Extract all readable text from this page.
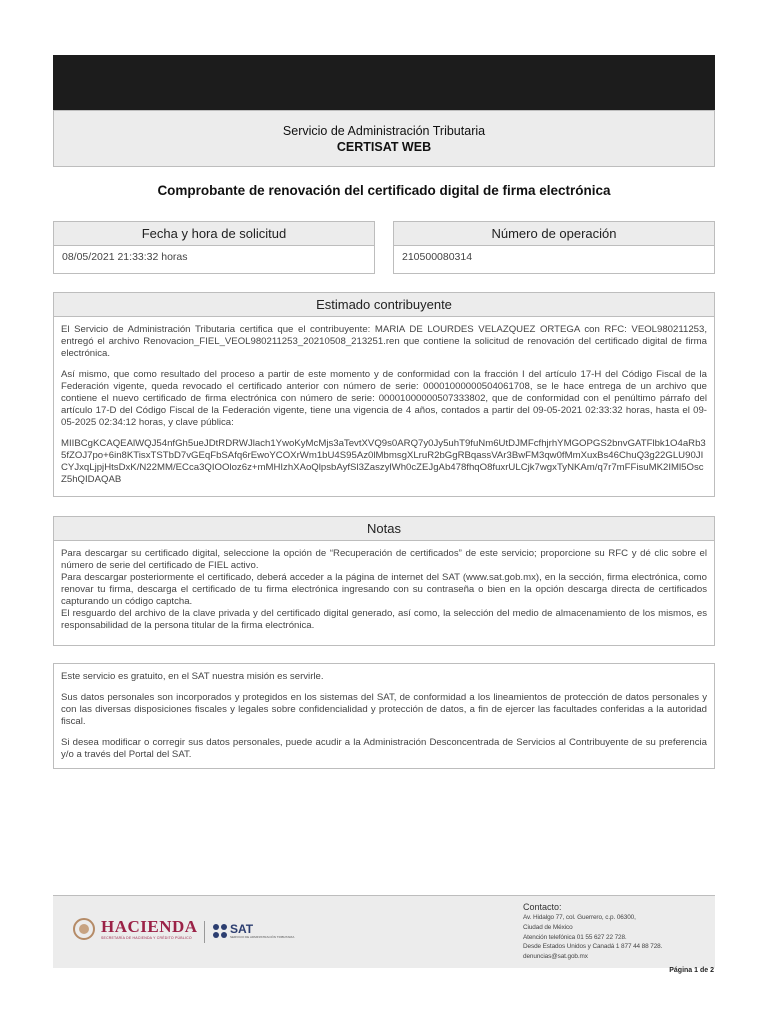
Servicio de Administración Tributaria
CERTISAT WEB
Comprobante de renovación del certificado digital de firma electrónica
Fecha y hora de solicitud
08/05/2021 21:33:32 horas
Número de operación
210500080314
Estimado contribuyente

El Servicio de Administración Tributaria certifica que el contribuyente: MARIA DE LOURDES VELAZQUEZ ORTEGA con RFC: VEOL980211253, entregó el archivo Renovacion_FIEL_VEOL980211253_20210508_213251.ren que contiene la solicitud de renovación del certificado digital de firma electrónica.

Así mismo, que como resultado del proceso a partir de este momento y de conformidad con la fracción I del artículo 17-H del Código Fiscal de la Federación vigente, queda revocado el certificado anterior con número de serie: 00001000000504061708, se le hace entrega de un archivo que contiene el nuevo certificado de firma electrónica con número de serie: 00001000000507333802, que de conformidad con el penúltimo párrafo del artículo 17-D del Código Fiscal de la Federación vigente, tiene una vigencia de 4 años, contados a partir del 09-05-2021 02:33:32 horas, hasta el 09-05-2025 02:34:12 horas, y clave pública:

MIIBCgKCAQEAlWQJ54nfGh5ueJDtRDRWJlach1YwoKyMcMjs3aTevtXVQ9s0ARQ7y0Jy5uhT9fuNm6UtDJMFcfhjrhYMGOPGS2bnvGATFlbk1O4aRb35fZOJ7po+6in8KTisxTSTbD7vGEqFbSAfq6rEwoYCOXrWm1bU4S95Az0lMbmsgXLruR2bGgRBqassVAr3BwFM3qw0fMmXuxBs46ChuQ3g22GLU90JICYJxqLjpjHtsDxK/N22MM/ECca3QIOOloz6z+mMHIzhXAoQlpsbAyfSl3ZaszylWh0cZEJgAb478fhqO8fuxrULCjk7wgxTyNKAm/q7r7mFFisuMK2IMl5OscZ5hQIDAQAB

Notas

Para descargar su certificado digital, seleccione la opción de “Recuperación de certificados” de este servicio; proporcione su RFC y dé clic sobre el número de serie del certificado de FIEL activo.

Para descargar posteriormente el certificado, deberá acceder a la página de internet del SAT (www.sat.gob.mx), en la sección, firma electrónica, como renovar tu firma, descarga el certificado de tu firma electrónica ingresando con su contraseña o bien en la opción descarga directa de certificados capturando un código captcha.

El resguardo del archivo de la clave privada y del certificado digital generado, así como, la selección del medio de almacenamiento de los mismos, es responsabilidad de la persona titular de la firma electrónica.

Este servicio es gratuito, en el SAT nuestra misión es servirle.

Sus datos personales son incorporados y protegidos en los sistemas del SAT, de conformidad a los lineamientos de protección de datos personales y con las diversas disposiciones fiscales y legales sobre confidencialidad y protección de datos, a fin de ejercer las facultades conferidas a la autoridad fiscal.

Si desea modificar o corregir sus datos personales, puede acudir a la Administración Desconcentrada de Servicios al Contribuyente de su preferencia y/o a través del Portal del SAT.

HACIENDA
SECRETARÍA DE HACIENDA Y CRÉDITO PÚBLICO
SAT
SERVICIO DE ADMINISTRACIÓN TRIBUTARIA
Contacto:
Av. Hidalgo 77, col. Guerrero, c.p. 06300,
Ciudad de México
Atención telefónica 01 55 627 22 728.
Desde Estados Unidos y Canadá 1 877 44 88 728.
denuncias@sat.gob.mx
Página 1 de 2
